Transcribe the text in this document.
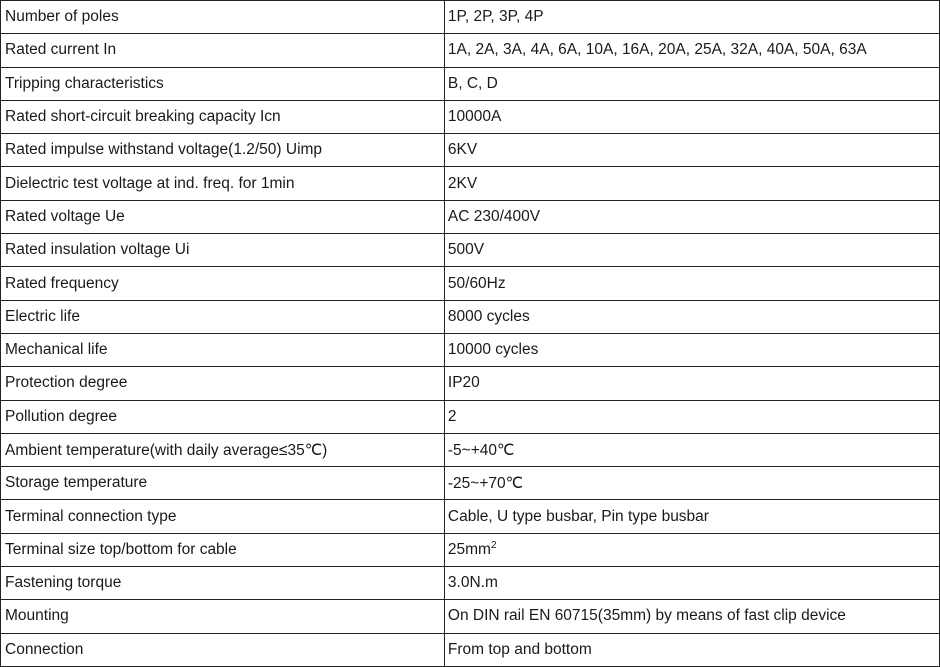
Number of poles	1P, 2P, 3P, 4P
Rated current In	1A, 2A, 3A, 4A, 6A, 10A, 16A, 20A, 25A, 32A, 40A, 50A, 63A
Tripping characteristics	B, C, D
Rated short-circuit breaking capacity Icn	10000A
Rated impulse withstand voltage(1.2/50) Uimp	6KV
Dielectric test voltage at ind. freq. for 1min	2KV
Rated voltage Ue	AC 230/400V
Rated insulation voltage Ui	500V
Rated frequency	50/60Hz
Electric life	8000 cycles
Mechanical life	10000 cycles
Protection degree	IP20
Pollution degree	2
Ambient temperature(with daily average≤35℃)	-5~+40℃
Storage temperature	-25~+70℃
Terminal connection type	Cable, U type busbar, Pin type busbar
Terminal size top/bottom for cable	$25mm^2$
Fastening torque	3.0N.m
Mounting	On DIN rail EN 60715(35mm) by means of fast clip device
Connection	From top and bottom
